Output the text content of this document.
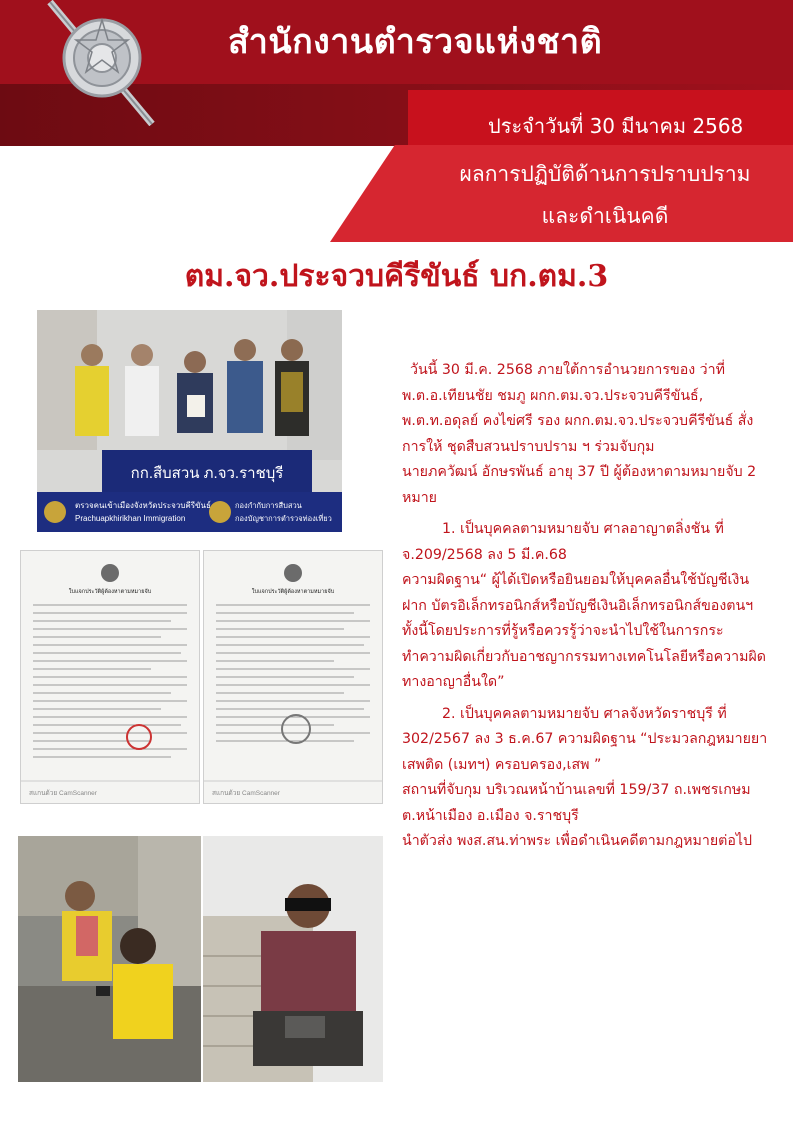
สำนักงานตำรวจแห่งชาติ
ประจำวันที่ 30 มีนาคม 2568
ผลการปฏิบัติด้านการปราบปราม
และดำเนินคดี
ตม.จว.ประจวบคีรีขันธ์ บก.ตม.3
กก.สืบสวน ภ.จว.ราชบุรี
ตรวจคนเข้าเมืองจังหวัดประจวบคีรีขันธ์
Prachuapkhirikhan Immigration
กองกำกับการสืบสวน
กองบัญชาการตำรวจท่องเที่ยว
ใบแจกประวัติผู้ต้องหาตามหมายจับ
สแกนด้วย CamScanner
ใบแจกประวัติผู้ต้องหาตามหมายจับ
สแกนด้วย CamScanner

วันนี้ 30 มี.ค. 2568 ภายใต้การอำนวยการของ ว่าที่ พ.ต.อ.เทียนชัย ชมภู ผกก.ตม.จว.ประจวบคีรีขันธ์, พ.ต.ท.อดุลย์ คงไข่ศรี รอง ผกก.ตม.จว.ประจวบคีรีขันธ์ สั่งการให้ ชุดสืบสวนปราบปราม ฯ ร่วมจับกุม

นายภควัฒน์ อักษรพันธ์ อายุ 37 ปี ผู้ต้องหาตามหมายจับ 2 หมาย

1. เป็นบุคคลตามหมายจับ ศาลอาญาตลิ่งชัน ที่ จ.209/2568 ลง 5 มี.ค.68

ความผิดฐาน“ ผู้ได้เปิดหรือยินยอมให้บุคคลอื่นใช้บัญชีเงินฝาก บัตรอิเล็กทรอนิกส์หรือบัญชีเงินอิเล็กทรอนิกส์ของตนฯ ทั้งนี้โดยประการที่รู้หรือควรรู้ว่าจะนำไปใช้ในการกระทำความผิดเกี่ยวกับอาชญากรรมทางเทคโนโลยีหรือความผิดทางอาญาอื่นใด”

2. เป็นบุคคลตามหมายจับ ศาลจังหวัดราชบุรี ที่ 302/2567 ลง 3 ธ.ค.67 ความผิดฐาน “ประมวลกฎหมายยาเสพติด (เมทฯ) ครอบครอง,เสพ ”

สถานที่จับกุม บริเวณหน้าบ้านเลขที่ 159/37 ถ.เพชรเกษม ต.หน้าเมือง อ.เมือง จ.ราชบุรี

นำตัวส่ง พงส.สน.ท่าพระ เพื่อดำเนินคดีตามกฎหมายต่อไป
